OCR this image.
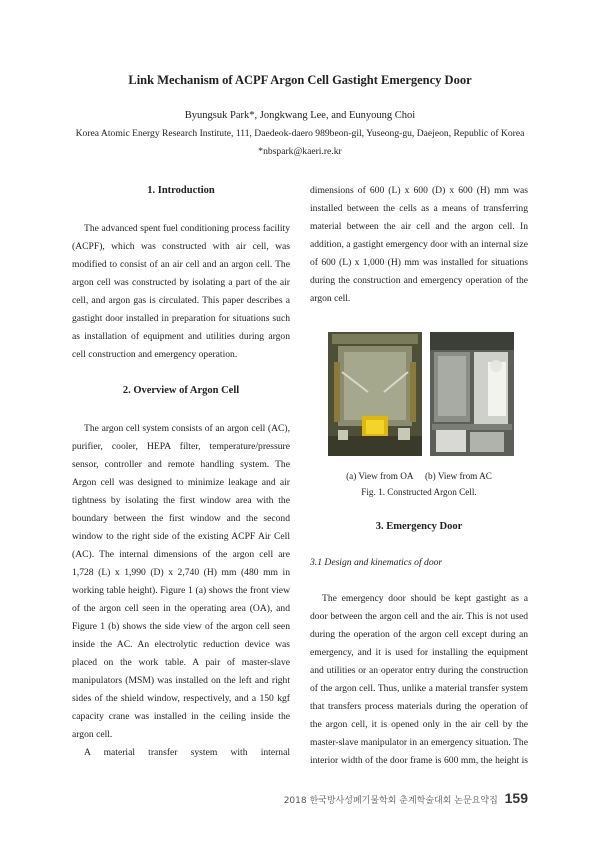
Link Mechanism of ACPF Argon Cell Gastight Emergency Door
Byungsuk Park*, Jongkwang Lee, and Eunyoung Choi
Korea Atomic Energy Research Institute, 111, Daedeok-daero 989beon-gil, Yuseong-gu, Daejeon, Republic of Korea
*nbspark@kaeri.re.kr

1. Introduction

The advanced spent fuel conditioning process facility (ACPF), which was constructed with air cell, was modified to consist of an air cell and an argon cell. The argon cell was constructed by isolating a part of the air cell, and argon gas is circulated. This paper describes a gastight door installed in preparation for situations such as installation of equipment and utilities during argon cell construction and emergency operation.

2. Overview of Argon Cell

The argon cell system consists of an argon cell (AC), purifier, cooler, HEPA filter, temperature/pressure sensor, controller and remote handling system. The Argon cell was designed to minimize leakage and air tightness by isolating the first window area with the boundary between the first window and the second window to the right side of the existing ACPF Air Cell (AC). The internal dimensions of the argon cell are 1,728 (L) x 1,990 (D) x 2,740 (H) mm (480 mm in working table height). Figure 1 (a) shows the front view of the argon cell seen in the operating area (OA), and Figure 1 (b) shows the side view of the argon cell seen inside the AC. An electrolytic reduction device was placed on the work table. A pair of master-slave manipulators (MSM) was installed on the left and right sides of the shield window, respectively, and a 150 kgf capacity crane was installed in the ceiling inside the argon cell.

A material transfer system with internal

dimensions of 600 (L) x 600 (D) x 600 (H) mm was installed between the cells as a means of transferring material between the air cell and the argon cell. In addition, a gastight emergency door with an internal size of 600 (L) x 1,000 (H) mm was installed for situations during the construction and emergency operation of the argon cell.

(a) View from OA (b) View from AC
Fig. 1. Constructed Argon Cell.

3. Emergency Door

3.1 Design and kinematics of door

The emergency door should be kept gastight as a door between the argon cell and the air. This is not used during the operation of the argon cell except during an emergency, and it is used for installing the equipment and utilities or an operator entry during the construction of the argon cell. Thus, unlike a material transfer system that transfers process materials during the operation of the argon cell, it is opened only in the air cell by the master-slave manipulator in an emergency situation. The interior width of the door frame is 600 mm, the height is

2018 한국방사성폐기물학회 춘계학술대회 논문요약집 159
